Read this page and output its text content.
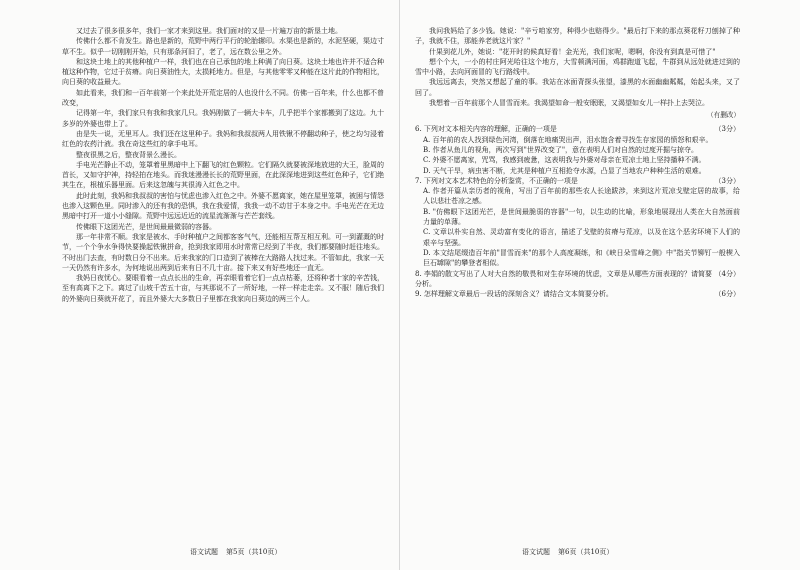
又过去了很多很多年，我们一家才来到这里。我们面对的又是一片遍万亩的新垦土地。

传佛什么都不肯发生。路也是新的，荒野中两行平行的轮胎辗印。水渠也是新的，水泥坚硬，渠边寸草不生。似乎一切刚刚开始，只有那条河旧了，老了，远在数公里之外。

和这块土地上的其他种植户一样，我们也在自己承包的地上种满了向日葵。这块土地也许并不适合种植这种作物，它过于贫瘠。向日葵油性大，太损耗地力。但是，与其他零零又种能在这片此的作物相比，向日葵的收益最大。

如此看来，我们和一百年前第一个来此处开荒定居的人也没什么不同。仿佛一百年来，什么也都不曾改变，

记得第一年，我们家只有我和我家几只。我妈刚做了一辆大卡车，几乎把半个家都搬到了这边。九十多岁的外婆也带上了。

由是失一说，无里耳人。我们还在这里种子。我妈和我叔叔两人用铁锹不停翻动种子，使之均匀浸着红色的农药汁液。我在奇这些红的拿手电耳。

整夜很黑之后，整夜背景么漫长。

手电光芒静止不动，笼罩着里黑暗中上下翻飞的红色颗粒。它们隔久就要被深地放进的大王，脸周的首长，又如守护神，持轻拍在地头。而我迷漫漫长长的荒野里面，在此深深地进到这些红色种子，它们绝其生在，根植乐器里面。后来这忽魄与其很涛入红色之中。

此时此刻，我妈和我叔叔的害怕与忧虑也渗入红色之中。外婆不愿离家，她在屋里笼罩，被困与情怨也渗入这颗色里。同时渗入的还有我的恐惧，我在我爱情，我我一动不动甘于本身之中。手电光芒在无边黑暗中打开一道小小缝隙。荒野中远远近近的流星流渐渐与芒芒套线。

传佛眼下这团光芒，是世间最最微弱的容器。

那一年非常不顺。我家是被水、手时种植户之间都客客气气，还能相互帮互相互利。可一到灌溉的时节，一个个争水争得快要操起铁锹拼命，抢到我家即用水时常常已经到了半夜，我们都要随时赶往地头。不时出门去查，有时数日分不出来。后来我家的门口造到了被棒在大路路人找过来。不管如此，我家一天一天仍然有许多水，为何地说出两到后来有日不几十亩。接下来又有好些地还一直无。

我妈日夜忧心。要眼看着一点点长出的生命，再亲眼看着它们一点点枯萎，还将种者十家的辛苦钱，至有高离下之下。离过了山坡千苦五十亩，与其那说不了一所好地，一样一样走走亲。又不服！随后我们的外婆向日葵就开花了，而且外婆大大多数日子里都在我家向日葵边的两三个人。

我问我妈给了多少钱。她说："辛亏咱家穷，种得少也赔得少。"最后打下来的那点葵花籽刀刨掉了种子，我就不住，那能养老就这片家？"

什果到花儿外，她说："花开时的候真好看！金光光，我们家呢，嗯啊，你没有到真是可惜了"

想个个大，一小的村庄阿光哈往这个地方，大雪顿满河面，鸡群跑道飞起，牛群到从远处就进过到的雪中小路，去向河面冒的飞行路线中。

我远远离去，突然又想起了童的事。我站在冰面背探头张望，漆黑的水面幽幽粼粼，始起头来，又了回了。

我想着一百年前那个人冒雪而来。我渴望如命一般安眠眠，又渴望如女儿一样扑上去哭泣。

（有删改）

6. 下列对文本相关内容的理解，正确的一项是	（3分）

A. 百年前的农人找到绿色河湾，倒落在地痛哭出声，泪水饱含着寻找生存家园的愤怒和艰辛。

B. 作者从鱼儿的视角，两次写到"世界改变了"，意在表明人们对自然的过度开掘与掠夺。

C. 外婆不愿离家，咒骂，我感到疲惫，这表明我与外婆对母亲在荒凉土地上坚持播种不满。

D. 天气干旱，病虫害不断，尤其是种植户互相抢夺水源，凸显了当地农户种种生活的艰难。

7. 下列对文本艺术特色的分析鉴赏，不正确的一项是	（3分）

A. 作者开篇从亲历者的视角，写出了百年前的那些农人长途跋涉，来到这片荒凉戈壁定居的故事，给人以悲壮苍凉之感。

B. "仿佛眼下这团光芒，是世间最脆弱的容器"一句，以生动的比喻，形象地展现出人类在大自然面前力量的单薄。

C. 文章以朴实自然、灵动富有变化的语言，描述了戈壁的贫瘠与荒凉，以及在这个恶劣环境下人们的艰辛与坚强。

D. 本文结尾缀造百年前"冒雪而来"的那个人高度凝练，和《峡日朵雪峰之侧》中"指关节铆钉一般楔入巨石罅隙"的攀登者相似。

8. 李娟的散文写出了人对大自然的敬畏和对生存环境的忧虑，文章是从哪些方面表现的？请简要分析。
（4分）

9. 怎样理解文章最后一段话的深刻含义？请结合文本简要分析。	（6分）

语文试题 第5页（共10页）	语文试题 第6页（共10页）
